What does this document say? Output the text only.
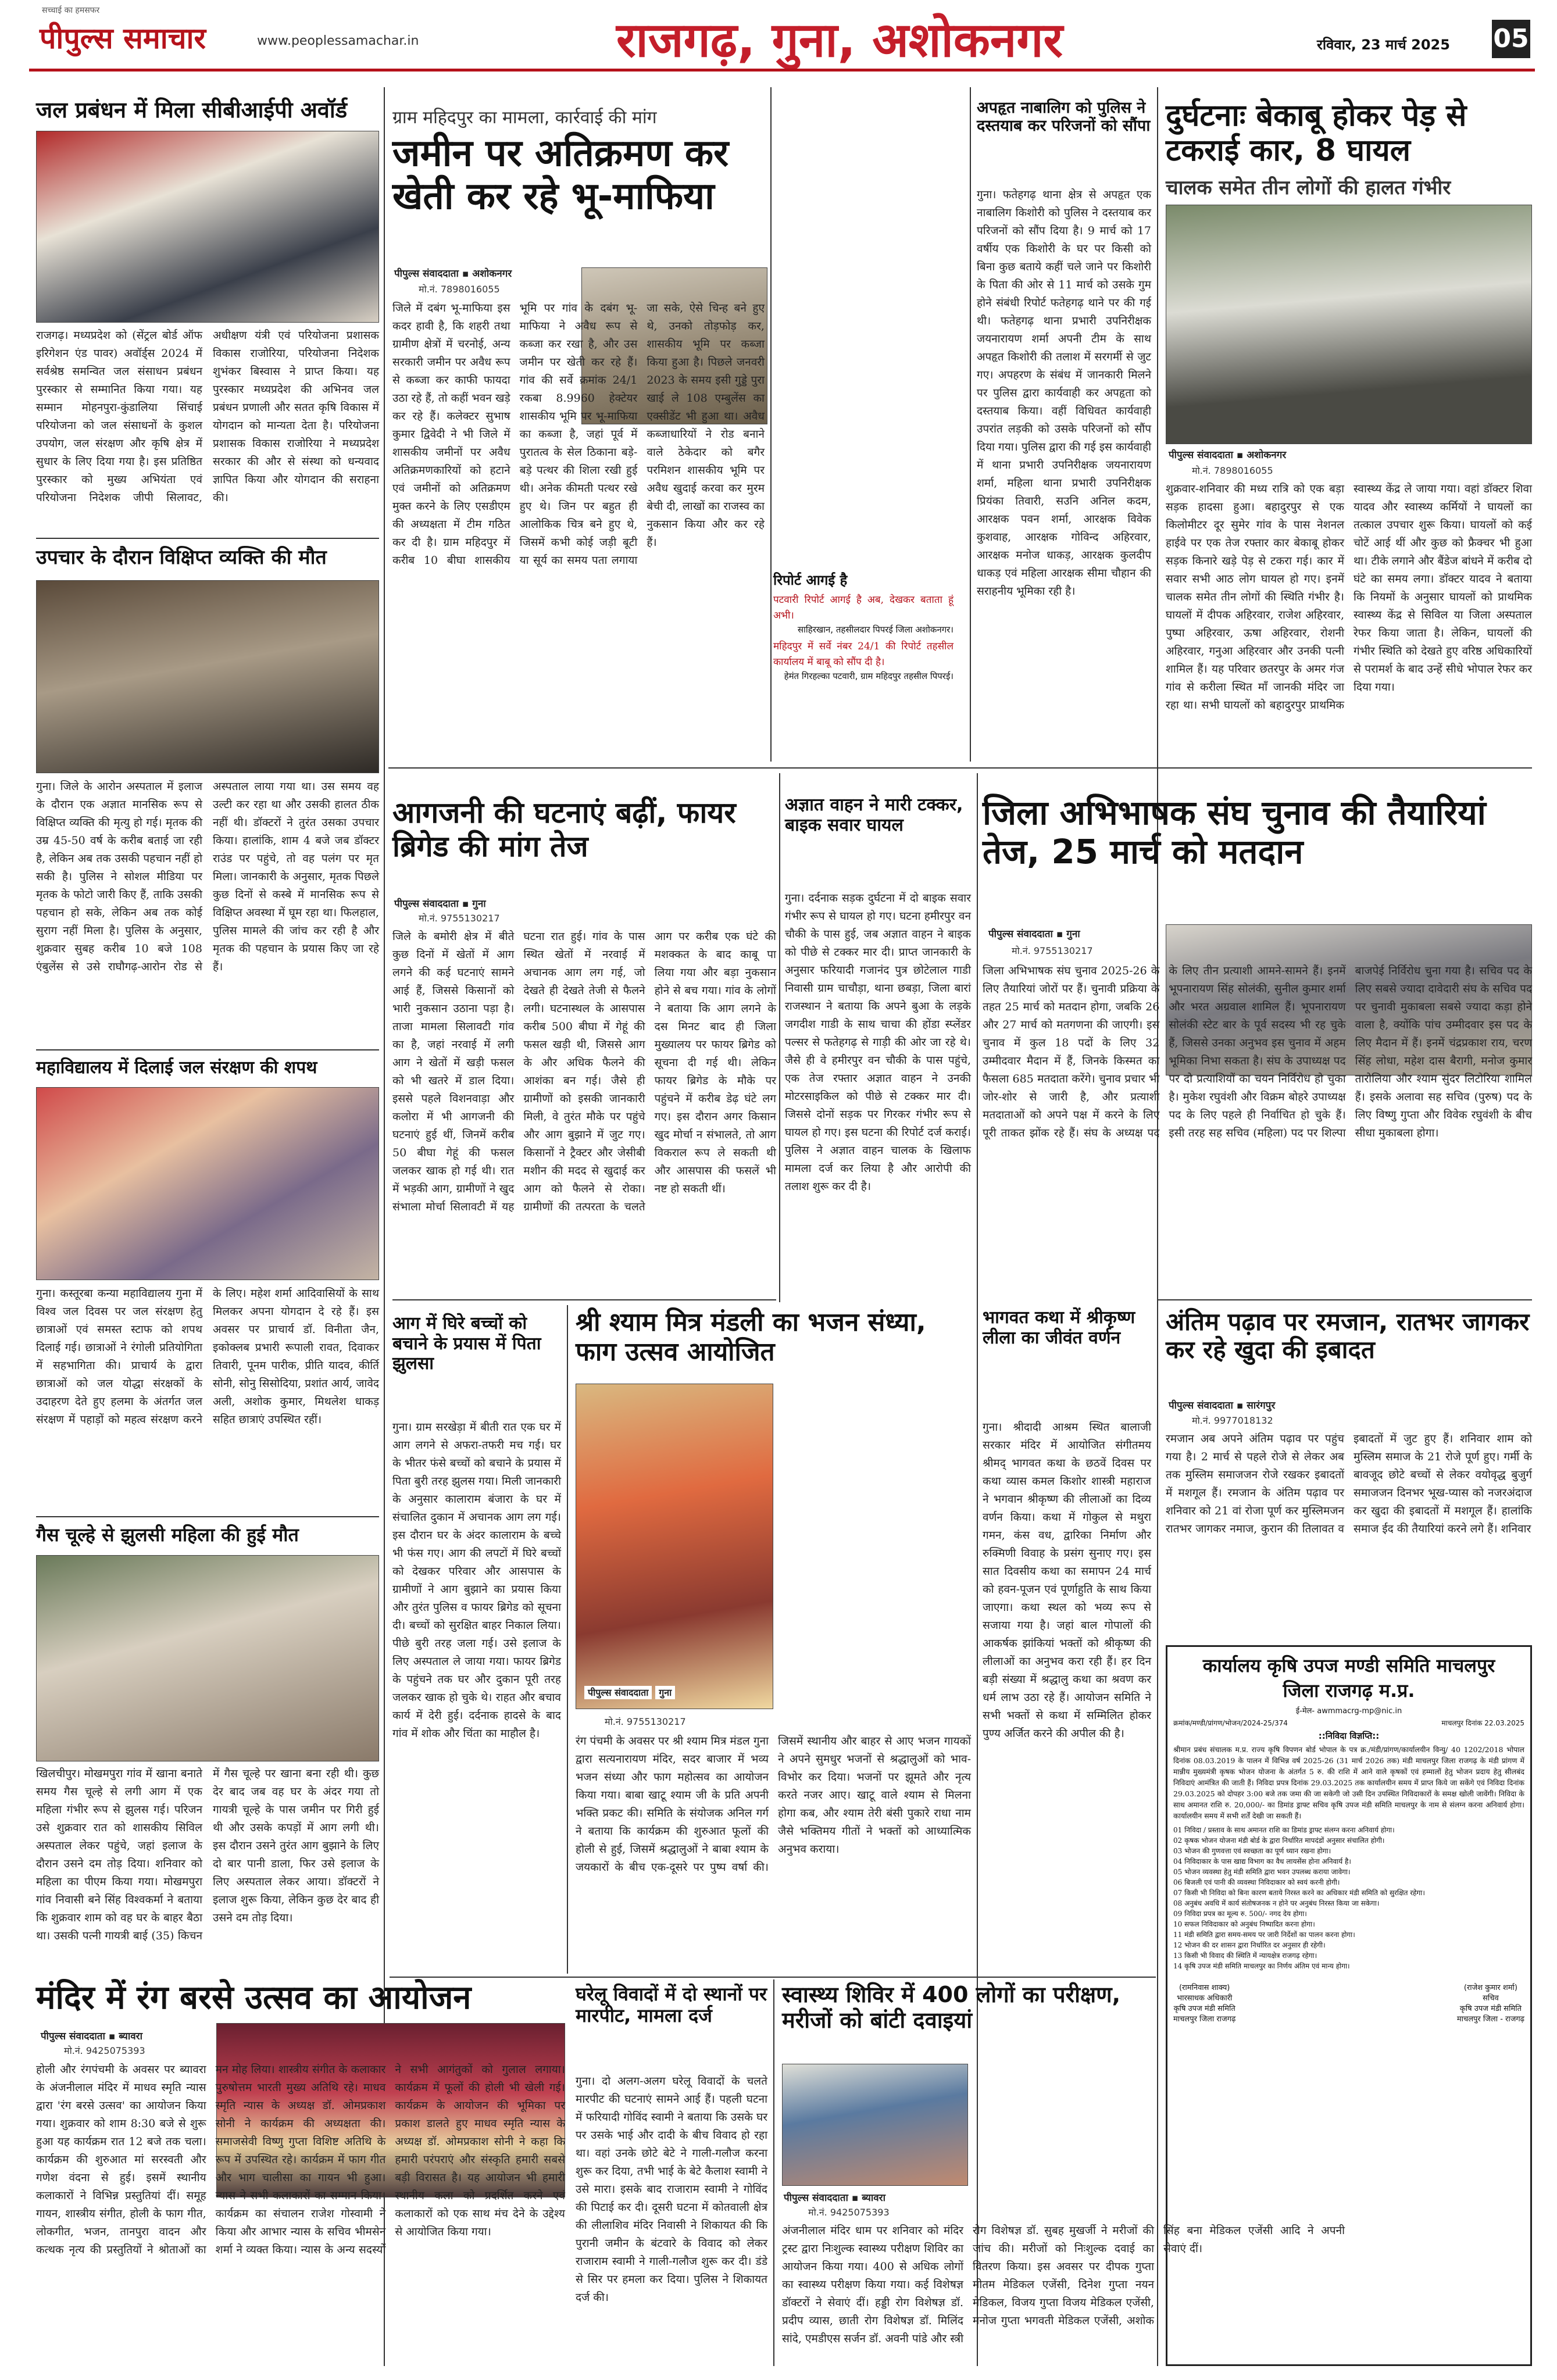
सच्चाई का हमसफर
पीपुल्स समाचार	www.peoplessamachar.in	राजगढ़, गुना, अशोकनगर	रविवार, 23 मार्च 2025 05
जल प्रबंधन में मिला सीबीआईपी अवॉर्ड
राजगढ़। मध्यप्रदेश को (सेंट्रल बोर्ड ऑफ इरिगेशन एंड पावर) अवॉर्ड्स 2024 में सर्वश्रेष्ठ समन्वित जल संसाधन प्रबंधन पुरस्कार से सम्मानित किया गया। यह सम्मान मोहनपुरा-कुंडालिया सिंचाई परियोजना को जल संसाधनों के कुशल उपयोग, जल संरक्षण और कृषि क्षेत्र में सुधार के लिए दिया गया है। इस प्रतिष्ठित पुरस्कार को मुख्य अभियंता एवं परियोजना निदेशक जीपी सिलावट, अधीक्षण यंत्री एवं परियोजना प्रशासक विकास राजोरिया, परियोजना निदेशक शुभंकर बिस्वास ने प्राप्त किया। यह पुरस्कार मध्यप्रदेश की अभिनव जल प्रबंधन प्रणाली और सतत कृषि विकास में योगदान को मान्यता देता है। परियोजना प्रशासक विकास राजोरिया ने मध्यप्रदेश सरकार की और से संस्था को धन्यवाद ज्ञापित किया और योगदान की सराहना की।
उपचार के दौरान विक्षिप्त व्यक्ति की मौत
गुना। जिले के आरोन अस्पताल में इलाज के दौरान एक अज्ञात मानसिक रूप से विक्षिप्त व्यक्ति की मृत्यु हो गई। मृतक की उम्र 45-50 वर्ष के करीब बताई जा रही है, लेकिन अब तक उसकी पहचान नहीं हो सकी है। पुलिस ने सोशल मीडिया पर मृतक के फोटो जारी किए हैं, ताकि उसकी पहचान हो सके, लेकिन अब तक कोई सुराग नहीं मिला है। पुलिस के अनुसार, शुक्रवार सुबह करीब 10 बजे 108 एंबुलेंस से उसे राघौगढ़-आरोन रोड से अस्पताल लाया गया था। उस समय वह उल्टी कर रहा था और उसकी हालत ठीक नहीं थी। डॉक्टरों ने तुरंत उसका उपचार किया। हालांकि, शाम 4 बजे जब डॉक्टर राउंड पर पहुंचे, तो वह पलंग पर मृत मिला। जानकारी के अनुसार, मृतक पिछले कुछ दिनों से कस्बे में मानसिक रूप से विक्षिप्त अवस्था में घूम रहा था। फिलहाल, पुलिस मामले की जांच कर रही है और मृतक की पहचान के प्रयास किए जा रहे हैं।
महाविद्यालय में दिलाई जल संरक्षण की शपथ
गुना। कस्तूरबा कन्या महाविद्यालय गुना में विश्व जल दिवस पर जल संरक्षण हेतु छात्राओं एवं समस्त स्टाफ को शपथ दिलाई गई। छात्राओं ने रंगोली प्रतियोगिता में सहभागिता की। प्राचार्य के द्वारा छात्राओं को जल योद्धा संरक्षकों के उदाहरण देते हुए हलमा के अंतर्गत जल संरक्षण में पहाड़ों को महत्व संरक्षण करने के लिए। महेश शर्मा आदिवासियों के साथ मिलकर अपना योगदान दे रहे हैं। इस अवसर पर प्राचार्य डॉ. विनीता जैन, इकोक्लब प्रभारी रूपाली रावत, दिवाकर तिवारी, पूनम पारीक, प्रीति यादव, कीर्ति सोनी, सोनु सिसोदिया, प्रशांत आर्य, जावेद अली, अशोक कुमार, मिथलेश धाकड़ सहित छात्राएं उपस्थित रहीं।
गैस चूल्हे से झुलसी महिला की हुई मौत
खिलचीपुर। मोखमपुरा गांव में खाना बनाते समय गैस चूल्हे से लगी आग में एक महिला गंभीर रूप से झुलस गई। परिजन उसे शुक्रवार रात को शासकीय सिविल अस्पताल लेकर पहुंचे, जहां इलाज के दौरान उसने दम तोड़ दिया। शनिवार को महिला का पीएम किया गया। मोखमपुरा गांव निवासी बने सिंह विश्वकर्मा ने बताया कि शुक्रवार शाम को वह घर के बाहर बैठा था। उसकी पत्नी गायत्री बाई (35) किचन में गैस चूल्हे पर खाना बना रही थी। कुछ देर बाद जब वह घर के अंदर गया तो गायत्री चूल्हे के पास जमीन पर गिरी हुई थी और उसके कपड़ों में आग लगी थी। इस दौरान उसने तुरंत आग बुझाने के लिए दो बार पानी डाला, फिर उसे इलाज के लिए अस्पताल लेकर आया। डॉक्टरों ने इलाज शुरू किया, लेकिन कुछ देर बाद ही उसने दम तोड़ दिया।
ग्राम महिदपुर का मामला, कार्रवाई की मांग
जमीन पर अतिक्रमण कर खेती कर रहे भू-माफिया
पीपुल्स संवाददाता ▪ अशोकनगर
मो.नं. 7898016055
जिले में दबंग भू-माफिया इस कदर हावी है, कि शहरी तथा ग्रामीण क्षेत्रों में चरनोई, अन्य सरकारी जमीन पर अवैध रूप से कब्जा कर काफी फायदा उठा रहे हैं, तो कहीं भवन खड़े कर रहे हैं। कलेक्टर सुभाष कुमार द्विवेदी ने भी जिले में शासकीय जमीनों पर अवैध अतिक्रमणकारियों को हटाने एवं जमीनों को अतिक्रमण मुक्त करने के लिए एसडीएम की अध्यक्षता में टीम गठित कर दी है। ग्राम महिदपुर में करीब 10 बीघा शासकीय भूमि पर गांव के दबंग भू-माफिया ने अवैध रूप से कब्जा कर रखा है, और उस जमीन पर खेती कर रहे हैं। गांव की सर्वे क्रमांक 24/1 रकबा 8.9960 हेक्टेयर शासकीय भूमि पर भू-माफिया का कब्जा है, जहां पूर्व में पुरातत्व के सेल ठिकाना बड़े-बड़े पत्थर की शिला रखी हुई थी। अनेक कीमती पत्थर रखे हुए थे। जिन पर बहुत ही आलोकिक चित्र बने हुए थे, जिसमें कभी कोई जड़ी बूटी या सूर्य का समय पता लगाया जा सके, ऐसे चिन्ह बने हुए थे, उनको तोड़फोड़ कर, शासकीय भूमि पर कब्जा किया हुआ है। पिछले जनवरी 2023 के समय इसी गुड्डे पुरा खाई ले 108 एम्बुलेंस का एक्सीडेंट भी हुआ था। अवैध कब्जाधारियों ने रोड बनाने वाले ठेकेदार को बगैर परमिशन शासकीय भूमि पर अवैध खुदाई करवा कर मुरम बेची दी, लाखों का राजस्व का नुकसान किया और कर रहे हैं।
रिपोर्ट आगई है
पटवारी रिपोर्ट आगई है अब, देखकर बताता हूं अभी।
साहिरखान, तहसीलदार पिपरई जिला अशोकनगर।
महिदपुर में सर्वे नंबर 24/1 की रिपोर्ट तहसील कार्यालय में बाबू को सौंप दी है।
हेमंत गिरहल्का पटवारी, ग्राम महिदपुर तहसील पिपरई।
अपहृत नाबालिग को पुलिस ने दस्तयाब कर परिजनों को सौंपा
गुना। फतेहगढ़ थाना क्षेत्र से अपहृत एक नाबालिग किशोरी को पुलिस ने दस्तयाब कर परिजनों को सौंप दिया है। 9 मार्च को 17 वर्षीय एक किशोरी के घर पर किसी को बिना कुछ बताये कहीं चले जाने पर किशोरी के पिता की ओर से 11 मार्च को उसके गुम होने संबंधी रिपोर्ट फतेहगढ़ थाने पर की गई थी। फतेहगढ़ थाना प्रभारी उपनिरीक्षक जयनारायण शर्मा अपनी टीम के साथ अपहृत किशोरी की तलाश में सरगर्मी से जुट गए। अपहरण के संबंध में जानकारी मिलने पर पुलिस द्वारा कार्यवाही कर अपहृता को दस्तयाब किया। वहीं विधिवत कार्यवाही उपरांत लड़की को उसके परिजनों को सौंप दिया गया। पुलिस द्वारा की गई इस कार्यवाही में थाना प्रभारी उपनिरीक्षक जयनारायण शर्मा, महिला थाना प्रभारी उपनिरीक्षक प्रियंका तिवारी, सउनि अनिल कदम, आरक्षक पवन शर्मा, आरक्षक विवेक कुशवाह, आरक्षक गोविन्द अहिरवार, आरक्षक मनोज धाकड़, आरक्षक कुलदीप धाकड़ एवं महिला आरक्षक सीमा चौहान की सराहनीय भूमिका रही है।
आगजनी की घटनाएं बढ़ीं, फायर ब्रिगेड की मांग तेज
पीपुल्स संवाददाता ▪ गुना
मो.नं. 9755130217
जिले के बमोरी क्षेत्र में बीते कुछ दिनों में खेतों में आग लगने की कई घटनाएं सामने आई हैं, जिससे किसानों को भारी नुकसान उठाना पड़ा है। ताजा मामला सिलावटी गांव का है, जहां नरवाई में लगी आग ने खेतों में खड़ी फसल को भी खतरे में डाल दिया। इससे पहले विशनवाड़ा और कलोरा में भी आगजनी की घटनाएं हुई थीं, जिनमें करीब 50 बीघा गेहूं की फसल जलकर खाक हो गई थी। रात में भड़की आग, ग्रामीणों ने खुद संभाला मोर्चा सिलावटी में यह घटना रात हुई। गांव के पास स्थित खेतों में नरवाई में अचानक आग लग गई, जो देखते ही देखते तेजी से फैलने लगी। घटनास्थल के आसपास करीब 500 बीघा में गेहूं की फसल खड़ी थी, जिससे आग के और अधिक फैलने की आशंका बन गई। जैसे ही ग्रामीणों को इसकी जानकारी मिली, वे तुरंत मौके पर पहुंचे और आग बुझाने में जुट गए। किसानों ने ट्रैक्टर और जेसीबी मशीन की मदद से खुदाई कर आग को फैलने से रोका। ग्रामीणों की तत्परता के चलते आग पर करीब एक घंटे की मशक्कत के बाद काबू पा लिया गया और बड़ा नुकसान होने से बच गया। गांव के लोगों ने बताया कि आग लगने के दस मिनट बाद ही जिला मुख्यालय पर फायर ब्रिगेड को सूचना दी गई थी। लेकिन फायर ब्रिगेड के मौके पर पहुंचने में करीब डेढ़ घंटे लग गए। इस दौरान अगर किसान खुद मोर्चा न संभालते, तो आग विकराल रूप ले सकती थी और आसपास की फसलें भी नष्ट हो सकती थीं।
अज्ञात वाहन ने मारी टक्कर, बाइक सवार घायल
गुना। दर्दनाक सड़क दुर्घटना में दो बाइक सवार गंभीर रूप से घायल हो गए। घटना हमीरपुर वन चौकी के पास हुई, जब अज्ञात वाहन ने बाइक को पीछे से टक्कर मार दी। प्राप्त जानकारी के अनुसार फरियादी गजानंद पुत्र छोटेलाल गाडी निवासी ग्राम चाचौड़ा, थाना छबड़ा, जिला बारां राजस्थान ने बताया कि अपने बुआ के लड़के जगदीश गाडी के साथ चाचा की होंडा स्प्लेंडर पल्सर से फतेहगढ़ से गाड़ी की ओर जा रहे थे। जैसे ही वे हमीरपुर वन चौकी के पास पहुंचे, एक तेज रफ्तार अज्ञात वाहन ने उनकी मोटरसाइकिल को पीछे से टक्कर मार दी। जिससे दोनों सड़क पर गिरकर गंभीर रूप से घायल हो गए। इस घटना की रिपोर्ट दर्ज कराई। पुलिस ने अज्ञात वाहन चालक के खिलाफ मामला दर्ज कर लिया है और आरोपी की तलाश शुरू कर दी है।
आग में घिरे बच्चों को बचाने के प्रयास में पिता झुलसा
गुना। ग्राम सरखेड़ा में बीती रात एक घर में आग लगने से अफरा-तफरी मच गई। घर के भीतर फंसे बच्चों को बचाने के प्रयास में पिता बुरी तरह झुलस गया। मिली जानकारी के अनुसार कालाराम बंजारा के घर में संचालित दुकान में अचानक आग लग गई। इस दौरान घर के अंदर कालाराम के बच्चे भी फंस गए। आग की लपटों में घिरे बच्चों को देखकर परिवार और आसपास के ग्रामीणों ने आग बुझाने का प्रयास किया और तुरंत पुलिस व फायर ब्रिगेड को सूचना दी। बच्चों को सुरक्षित बाहर निकाल लिया। पीछे बुरी तरह जला गई। उसे इलाज के लिए अस्पताल ले जाया गया। फायर ब्रिगेड के पहुंचने तक घर और दुकान पूरी तरह जलकर खाक हो चुके थे। राहत और बचाव कार्य में देरी हुई। दर्दनाक हादसे के बाद गांव में शोक और चिंता का माहौल है।
श्री श्याम मित्र मंडली का भजन संध्या, फाग उत्सव आयोजित
पीपुल्स संवाददाता गुना
मो.नं. 9755130217
रंग पंचमी के अवसर पर श्री श्याम मित्र मंडल गुना द्वारा सत्यनारायण मंदिर, सदर बाजार में भव्य भजन संध्या और फाग महोत्सव का आयोजन किया गया। बाबा खाटू श्याम जी के प्रति अपनी भक्ति प्रकट की। समिति के संयोजक अनिल गर्ग ने बताया कि कार्यक्रम की शुरुआत फूलों की होली से हुई, जिसमें श्रद्धालुओं ने बाबा श्याम के जयकारों के बीच एक-दूसरे पर पुष्प वर्षा की। जिसमें स्थानीय और बाहर से आए भजन गायकों ने अपने सुमधुर भजनों से श्रद्धालुओं को भाव-विभोर कर दिया। भजनों पर झूमते और नृत्य करते नजर आए। खाटू वाले श्याम से मिलना होगा कब, और श्याम तेरी बंसी पुकारे राधा नाम जैसे भक्तिमय गीतों ने भक्तों को आध्यात्मिक अनुभव कराया।
भागवत कथा में श्रीकृष्ण लीला का जीवंत वर्णन
गुना। श्रीदादी आश्रम स्थित बालाजी सरकार मंदिर में आयोजित संगीतमय श्रीमद् भागवत कथा के छठवें दिवस पर कथा व्यास कमल किशोर शास्त्री महाराज ने भगवान श्रीकृष्ण की लीलाओं का दिव्य वर्णन किया। कथा में गोकुल से मथुरा गमन, कंस वध, द्वारिका निर्माण और रुक्मिणी विवाह के प्रसंग सुनाए गए। इस सात दिवसीय कथा का समापन 24 मार्च को हवन-पूजन एवं पूर्णाहुति के साथ किया जाएगा। कथा स्थल को भव्य रूप से सजाया गया है। जहां बाल गोपालों की आकर्षक झांकियां भक्तों को श्रीकृष्ण की लीलाओं का अनुभव करा रही हैं। हर दिन बड़ी संख्या में श्रद्धालु कथा का श्रवण कर धर्म लाभ उठा रहे हैं। आयोजन समिति ने सभी भक्तों से कथा में सम्मिलित होकर पुण्य अर्जित करने की अपील की है।
मंदिर में रंग बरसे उत्सव का आयोजन
पीपुल्स संवाददाता ▪ ब्यावरा
मो.नं. 9425075393
होली और रंगपंचमी के अवसर पर ब्यावरा के अंजनीलाल मंदिर में माधव स्मृति न्यास द्वारा 'रंग बरसे उत्सव' का आयोजन किया गया। शुक्रवार को शाम 8:30 बजे से शुरू हुआ यह कार्यक्रम रात 12 बजे तक चला। कार्यक्रम की शुरुआत मां सरस्वती और गणेश वंदना से हुई। इसमें स्थानीय कलाकारों ने विभिन्न प्रस्तुतियां दीं। समूह गायन, शास्त्रीय संगीत, होली के फाग गीत, लोकगीत, भजन, तानपुरा वादन और कत्थक नृत्य की प्रस्तुतियों ने श्रोताओं का मन मोह लिया। शास्त्रीय संगीत के कलाकार पुरुषोत्तम भारती मुख्य अतिथि रहे। माधव स्मृति न्यास के अध्यक्ष डॉ. ओमप्रकाश सोनी ने कार्यक्रम की अध्यक्षता की। समाजसेवी विष्णु गुप्ता विशिष्ट अतिथि के रूप में उपस्थित रहे। कार्यक्रम में फाग गीत और भाग चालीसा का गायन भी हुआ। न्यास ने सभी कलाकारों का सम्मान किया। कार्यक्रम का संचालन राजेश गोस्वामी ने किया और आभार न्यास के सचिव भीमसेन शर्मा ने व्यक्त किया। न्यास के अन्य सदस्यों ने सभी आगंतुकों को गुलाल लगाया। कार्यक्रम में फूलों की होली भी खेली गई। कार्यक्रम के आयोजन की भूमिका पर प्रकाश डालते हुए माधव स्मृति न्यास के अध्यक्ष डॉ. ओमप्रकाश सोनी ने कहा कि हमारी परंपराएं और संस्कृति हमारी सबसे बड़ी विरासत है। यह आयोजन भी हमारी स्थानीय कला को प्रदर्शित करने एवं कलाकारों को एक साथ मंच देने के उद्देश्य से आयोजित किया गया।
घरेलू विवादों में दो स्थानों पर मारपीट, मामला दर्ज
गुना। दो अलग-अलग घरेलू विवादों के चलते मारपीट की घटनाएं सामने आई हैं। पहली घटना में फरियादी गोविंद स्वामी ने बताया कि उसके घर पर उसके भाई और दादी के बीच विवाद हो रहा था। वहां उनके छोटे बेटे ने गाली-गलौज करना शुरू कर दिया, तभी भाई के बेटे कैलाश स्वामी ने उसे मारा। इसके बाद राजाराम स्वामी ने गोविंद की पिटाई कर दी। दूसरी घटना में कोतवाली क्षेत्र की लीलाशिव मंदिर निवासी ने शिकायत की कि पुरानी जमीन के बंटवारे के विवाद को लेकर राजाराम स्वामी ने गाली-गलौज शुरू कर दी। डंडे से सिर पर हमला कर दिया। पुलिस ने शिकायत दर्ज की।
स्वास्थ्य शिविर में 400 लोगों का परीक्षण, मरीजों को बांटी दवाइयां
पीपुल्स संवाददाता ▪ ब्यावरा
मो.नं. 9425075393
अंजनीलाल मंदिर धाम पर शनिवार को मंदिर ट्रस्ट द्वारा निःशुल्क स्वास्थ्य परीक्षण शिविर का आयोजन किया गया। 400 से अधिक लोगों का स्वास्थ्य परीक्षण किया गया। कई विशेषज्ञ डॉक्टरों ने सेवाएं दीं। हड्डी रोग विशेषज्ञ डॉ. प्रदीप व्यास, छाती रोग विशेषज्ञ डॉ. मिलिंद सांदे, एमडीएस सर्जन डॉ. अवनी पांडे और स्त्री रोग विशेषज्ञ डॉ. सुबह मुखर्जी ने मरीजों की जांच की। मरीजों को निःशुल्क दवाई का वितरण किया। इस अवसर पर दीपक गुप्ता मीतम मेडिकल एजेंसी, दिनेश गुप्ता नयन मेडिकल, विजय गुप्ता विजय मेडिकल एजेंसी, मनोज गुप्ता भगवती मेडिकल एजेंसी, अशोक सिंह बना मेडिकल एजेंसी आदि ने अपनी सेवाएं दीं।
दुर्घटनाः बेकाबू होकर पेड़ से टकराई कार, 8 घायल
चालक समेत तीन लोगों की हालत गंभीर
पीपुल्स संवाददाता ▪ अशोकनगर
मो.नं. 7898016055
शुक्रवार-शनिवार की मध्य रात्रि को एक बड़ा सड़क हादसा हुआ। बहादुरपुर से एक किलोमीटर दूर सुमेर गांव के पास नेशनल हाईवे पर एक तेज रफ्तार कार बेकाबू होकर सड़क किनारे खड़े पेड़ से टकरा गई। कार में सवार सभी आठ लोग घायल हो गए। इनमें चालक समेत तीन लोगों की स्थिति गंभीर है। घायलों में दीपक अहिरवार, राजेश अहिरवार, पुष्पा अहिरवार, ऊषा अहिरवार, रोशनी अहिरवार, गनुआ अहिरवार और उनकी पत्नी शामिल हैं। यह परिवार छतरपुर के अमर गंज गांव से करीला स्थित माँ जानकी मंदिर जा रहा था। सभी घायलों को बहादुरपुर प्राथमिक स्वास्थ्य केंद्र ले जाया गया। वहां डॉक्टर शिवा यादव और स्वास्थ्य कर्मियों ने घायलों का तत्काल उपचार शुरू किया। घायलों को कई चोटें आई थीं और कुछ को फ्रैक्चर भी हुआ था। टीके लगाने और बैंडेज बांधने में करीब दो घंटे का समय लगा। डॉक्टर यादव ने बताया कि नियमों के अनुसार घायलों को प्राथमिक स्वास्थ्य केंद्र से सिविल या जिला अस्पताल रेफर किया जाता है। लेकिन, घायलों की गंभीर स्थिति को देखते हुए वरिष्ठ अधिकारियों से परामर्श के बाद उन्हें सीधे भोपाल रेफर कर दिया गया।
जिला अभिभाषक संघ चुनाव की तैयारियां तेज, 25 मार्च को मतदान
पीपुल्स संवाददाता ▪ गुना
मो.नं. 9755130217
जिला अभिभाषक संघ चुनाव 2025-26 के लिए तैयारियां जोरों पर हैं। चुनावी प्रक्रिया के तहत 25 मार्च को मतदान होगा, जबकि 26 और 27 मार्च को मतगणना की जाएगी। इस चुनाव में कुल 18 पदों के लिए 32 उम्मीदवार मैदान में हैं, जिनके किस्मत का फैसला 685 मतदाता करेंगे। चुनाव प्रचार भी जोर-शोर से जारी है, और प्रत्याशी मतदाताओं को अपने पक्ष में करने के लिए पूरी ताकत झोंक रहे हैं। संघ के अध्यक्ष पद के लिए तीन प्रत्याशी आमने-सामने हैं। इनमें भूपनारायण सिंह सोलंकी, सुनील कुमार शर्मा और भरत अग्रवाल शामिल हैं। भूपनारायण सोलंकी स्टेट बार के पूर्व सदस्य भी रह चुके हैं, जिससे उनका अनुभव इस चुनाव में अहम भूमिका निभा सकता है। संघ के उपाध्यक्ष पद पर दो प्रत्याशियों का चयन निर्विरोध हो चुका है। मुकेश रघुवंशी और विक्रम बोहरे उपाध्यक्ष पद के लिए पहले ही निर्वाचित हो चुके हैं। इसी तरह सह सचिव (महिला) पद पर शिल्पा बाजपेई निर्विरोध चुना गया है। सचिव पद के लिए सबसे ज्यादा दावेदारी संघ के सचिव पद पर चुनावी मुकाबला सबसे ज्यादा कड़ा होने वाला है, क्योंकि पांच उम्मीदवार इस पद के लिए मैदान में हैं। इनमें चंद्रप्रकाश राय, चरण सिंह लोधा, महेश दास बैरागी, मनोज कुमार तारोलिया और श्याम सुंदर लिटोरिया शामिल हैं। इसके अलावा सह सचिव (पुरुष) पद के लिए विष्णु गुप्ता और विवेक रघुवंशी के बीच सीधा मुकाबला होगा।
अंतिम पढ़ाव पर रमजान, रातभर जागकर कर रहे खुदा की इबादत
पीपुल्स संवाददाता ▪ सारंगपुर
मो.नं. 9977018132
रमजान अब अपने अंतिम पढ़ाव पर पहुंच गया है। 2 मार्च से पहले रोजे से लेकर अब तक मुस्लिम समाजजन रोजे रखकर इबादतों में मशगूल हैं। रमजान के अंतिम पढ़ाव पर शनिवार को 21 वां रोजा पूर्ण कर मुस्लिमजन रातभर जागकर नमाज, कुरान की तिलावत व इबादतों में जुट हुए हैं। शनिवार शाम को मुस्लिम समाज के 21 रोजे पूर्ण हुए। गर्मी के बावजूद छोटे बच्चों से लेकर वयोवृद्ध बुजुर्ग समाजजन दिनभर भूख-प्यास को नजरअंदाज कर खुदा की इबादतों में मशगूल हैं। हालांकि समाज ईद की तैयारियां करने लगे हैं। शनिवार
कार्यालय कृषि उपज मण्डी समिति माचलपुर
जिला राजगढ़ म.प्र.
ई-मेल- awmmacrg-mp@nic.in
क्रमांक/मण्डी/प्रांगण/भोजन/2024-25/374	माचलपुर दिनांक 22.03.2025
::निविदा विज्ञप्ति::
श्रीमान प्रबंध संचालक म.प्र. राज्य कृषि विपणन बोर्ड भोपाल के पत्र क्र./मंडी/प्रांगण/कार्यालयीन विन्यु/ 40 1202/2018 भोपाल दिनांक 08.03.2019 के पालन में विभिन्न वर्ष 2025-26 (31 मार्च 2026 तक) मंडी माचलपुर जिला राजगढ़ के मंडी प्रांगण में मान्नीय मुख्यमंत्री कृषक भोजन योजना के अंतर्गत 5 रु. की राशि में आने वाले कृषकों एवं हम्मालों हेतु भोजन प्रदाय हेतु सीलबंद निविदाएं आमंत्रित की जाती हैं। निविदा प्रपत्र दिनांक 29.03.2025 तक कार्यालयीन समय में प्राप्त किये जा सकेंगे एवं निविदा दिनांक 29.03.2025 को दोपहर 3:00 बजे तक जमा की जा सकेगी जो उसी दिन उपस्थित निविदाकारों के समक्ष खोली जावेंगी। निविदा के साथ अमानत राशि रु. 20,000/- का डिमांड ड्राफ्ट सचिव कृषि उपज मंडी समिति माचलपुर के नाम से संलग्न करना अनिवार्य होगा। कार्यालयीन समय में सभी शर्तें देखी जा सकती हैं।
01 निविदा / प्रस्ताव के साथ अमानत राशि का डिमांड ड्राफ्ट संलग्न करना अनिवार्य होगा।
02 कृषक भोजन योजना मंडी बोर्ड के द्वारा निर्धारित मापदंडों अनुसार संचालित होगी।
03 भोजन की गुणवत्ता एवं स्वच्छता का पूर्ण ध्यान रखना होगा।
04 निविदाकार के पास खाद्य विभाग का वैध लायसेंस होना अनिवार्य है।
05 भोजन व्यवस्था हेतु मंडी समिति द्वारा भवन उपलब्ध कराया जावेगा।
06 बिजली एवं पानी की व्यवस्था निविदाकार को स्वयं करनी होगी।
07 किसी भी निविदा को बिना कारण बताये निरस्त करने का अधिकार मंडी समिति को सुरक्षित रहेगा।
08 अनुबंध अवधि में कार्य संतोषजनक न होने पर अनुबंध निरस्त किया जा सकेगा।
09 निविदा प्रपत्र का मूल्य रु. 500/- नगद देय होगा।
10 सफल निविदाकार को अनुबंध निष्पादित करना होगा।
11 मंडी समिति द्वारा समय-समय पर जारी निर्देशों का पालन करना होगा।
12 भोजन की दर शासन द्वारा निर्धारित दर अनुसार ही रहेगी।
13 किसी भी विवाद की स्थिति में न्यायक्षेत्र राजगढ़ रहेगा।
14 कृषि उपज मंडी समिति माचलपुर का निर्णय अंतिम एवं मान्य होगा।
(रामनिवास शाक्य)
भारसाधक अधिकारी
कृषि उपज मंडी समिति
माचलपुर जिला राजगढ़
(राजेश कुमार शर्मा)
सचिव
कृषि उपज मंडी समिति
माचलपुर जिला - राजगढ़
